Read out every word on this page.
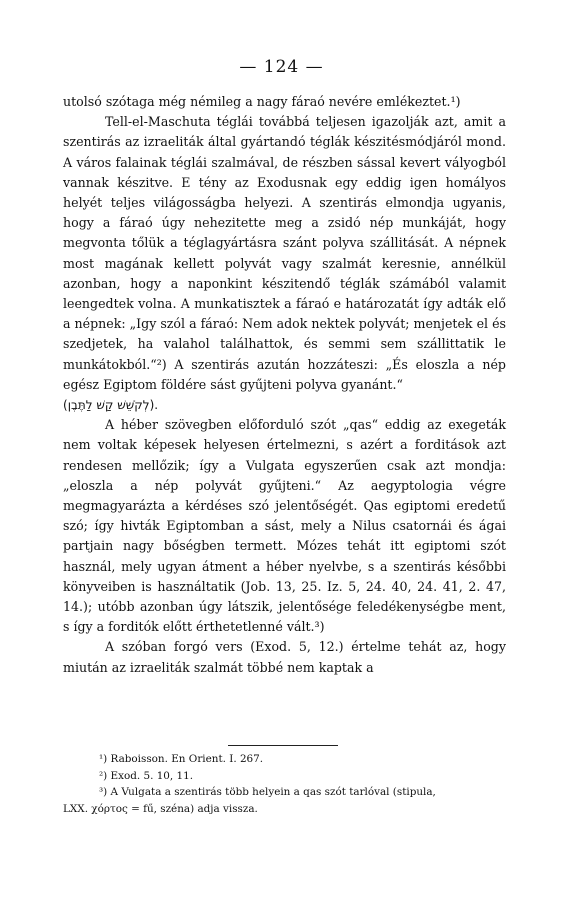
— 124 —

utolsó szótaga még némileg a nagy fáraó nevére emlékeztet.¹)

Tell-el-Maschuta téglái továbbá teljesen igazolják azt, amit a szentirás az izraeliták által gyártandó téglák készitésmódjáról mond. A város falainak téglái szalmával, de részben sással kevert vályogból vannak készitve. E tény az Exodusnak egy eddig igen homályos helyét teljes világosságba helyezi. A szentirás elmondja ugyanis, hogy a fáraó úgy nehezitette meg a zsidó nép munkáját, hogy megvonta tőlük a téglagyártásra szánt polyva szállitását. A népnek most magának kellett polyvát vagy szalmát keresnie, annélkül azonban, hogy a naponkint készitendő téglák számából valamit leengedtek volna. A munkatisztek a fáraó e határozatát így adták elő a népnek: „Igy szól a fáraó: Nem adok nektek polyvát; menjetek el és szedjetek, ha valahol találhattok, és semmi sem szállittatik le munkátokból.“²) A szentirás azután hozzáteszi: „És eloszla a nép egész Egiptom földére sást gyűjteni polyva gyanánt.“

(לְקֹשֵׁשׁ קַשׁ לַתֶּבֶן).

A héber szövegben előforduló szót „qas“ eddig az exegeták nem voltak képesek helyesen értelmezni, s azért a forditások azt rendesen mellőzik; így a Vulgata egyszerűen csak azt mondja: „eloszla a nép polyvát gyűjteni.“ Az aegyptologia végre megmagyarázta a kérdéses szó jelentőségét. Qas egiptomi eredetű szó; így hivták Egiptomban a sást, mely a Nilus csatornái és ágai partjain nagy bőségben termett. Mózes tehát itt egiptomi szót használ, mely ugyan átment a héber nyelvbe, s a szentirás későbbi könyveiben is használtatik (Job. 13, 25. Iz. 5, 24. 40, 24. 41, 2. 47, 14.); utóbb azonban úgy látszik, jelentősége feledékenységbe ment, s így a forditók előtt érthetetlenné vált.³)

A szóban forgó vers (Exod. 5, 12.) értelme tehát az, hogy miután az izraeliták szalmát többé nem kaptak a

¹) Raboisson. En Orient. I. 267.

²) Exod. 5. 10, 11.

³) A Vulgata a szentirás több helyein a qas szót tarlóval (stipula,

LXX. χόρτος = fű, széna) adja vissza.
